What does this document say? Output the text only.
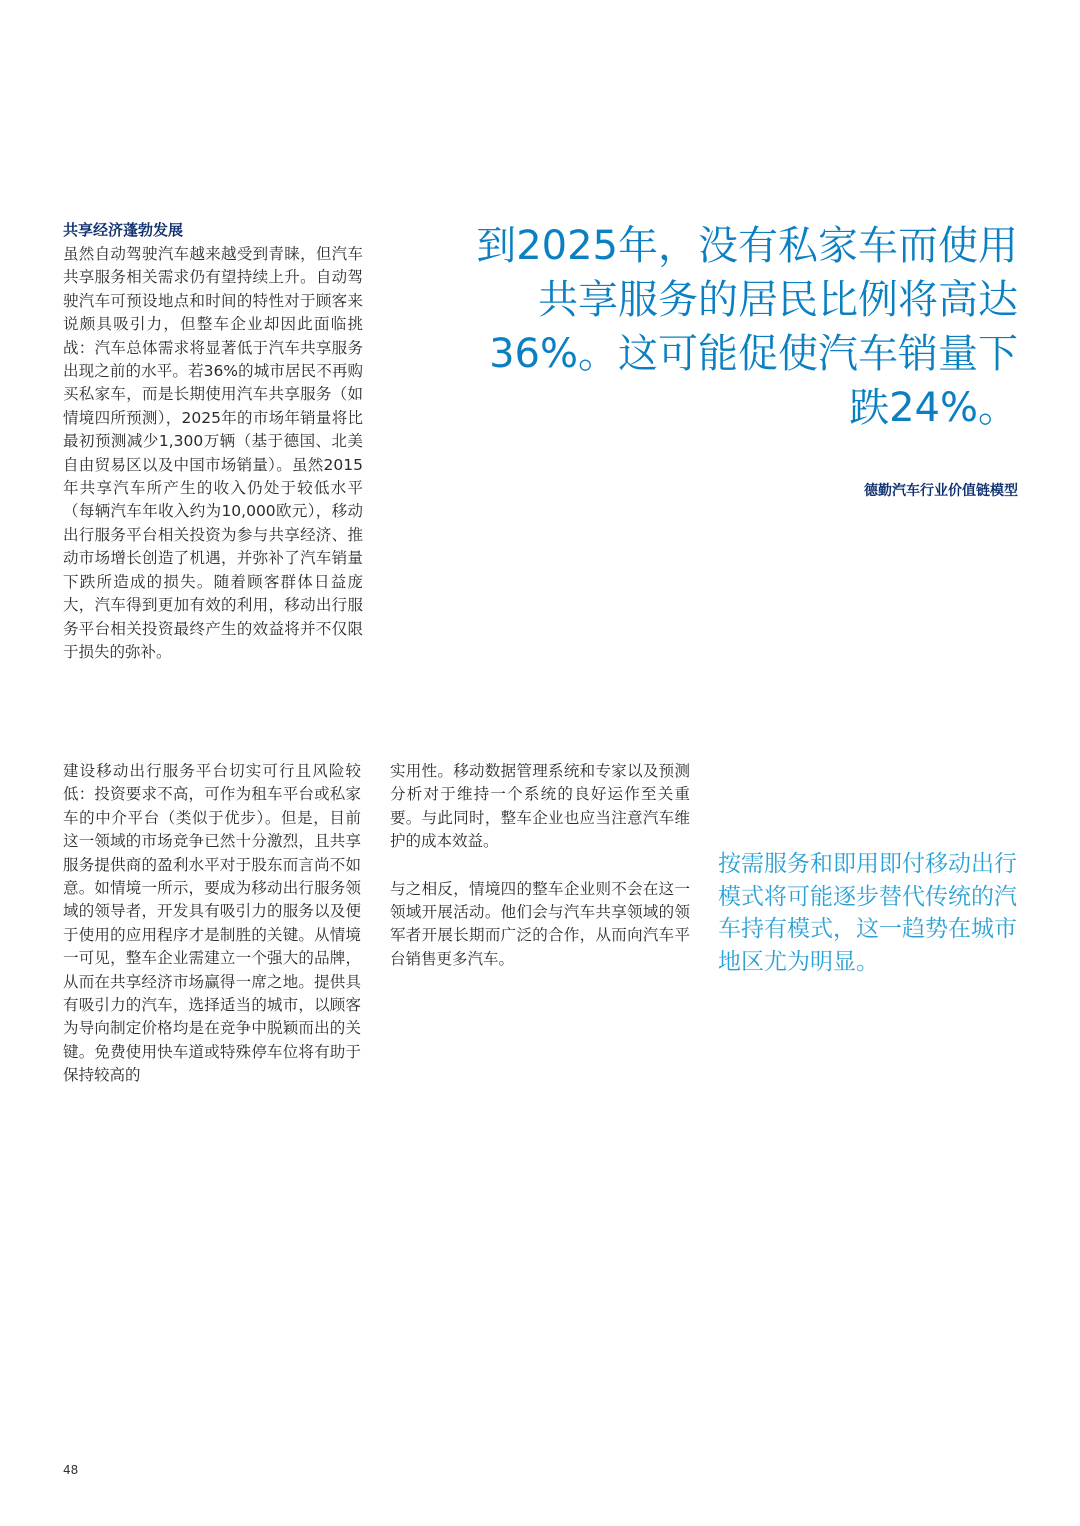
共享经济蓬勃发展

虽然自动驾驶汽车越来越受到青睐，但汽车共享服务相关需求仍有望持续上升。自动驾驶汽车可预设地点和时间的特性对于顾客来说颇具吸引力，但整车企业却因此面临挑战：汽车总体需求将显著低于汽车共享服务出现之前的水平。若36%的城市居民不再购买私家车，而是长期使用汽车共享服务（如情境四所预测），2025年的市场年销量将比最初预测减少1,300万辆（基于德国、北美自由贸易区以及中国市场销量）。虽然2015年共享汽车所产生的收入仍处于较低水平（每辆汽车年收入约为10,000欧元），移动出行服务平台相关投资为参与共享经济、推动市场增长创造了机遇，并弥补了汽车销量下跌所造成的损失。随着顾客群体日益庞大，汽车得到更加有效的利用，移动出行服务平台相关投资最终产生的效益将并不仅限于损失的弥补。

建设移动出行服务平台切实可行且风险较低：投资要求不高，可作为租车平台或私家车的中介平台（类似于优步）。但是，目前这一领域的市场竞争已然十分激烈，且共享服务提供商的盈利水平对于股东而言尚不如意。如情境一所示，要成为移动出行服务领域的领导者，开发具有吸引力的服务以及便于使用的应用程序才是制胜的关键。从情境一可见，整车企业需建立一个强大的品牌，从而在共享经济市场赢得一席之地。提供具有吸引力的汽车，选择适当的城市，以顾客为导向制定价格均是在竞争中脱颖而出的关键。免费使用快车道或特殊停车位将有助于保持较高的

实用性。移动数据管理系统和专家以及预测分析对于维持一个系统的良好运作至关重要。与此同时，整车企业也应当注意汽车维护的成本效益。

与之相反，情境四的整车企业则不会在这一领域开展活动。他们会与汽车共享领域的领军者开展长期而广泛的合作，从而向汽车平台销售更多汽车。

到2025年，没有私家车而使用共享服务的居民比例将高达36%。这可能促使汽车销量下跌24%。

德勤汽车行业价值链模型

按需服务和即用即付移动出行模式将可能逐步替代传统的汽车持有模式，这一趋势在城市地区尤为明显。

48
